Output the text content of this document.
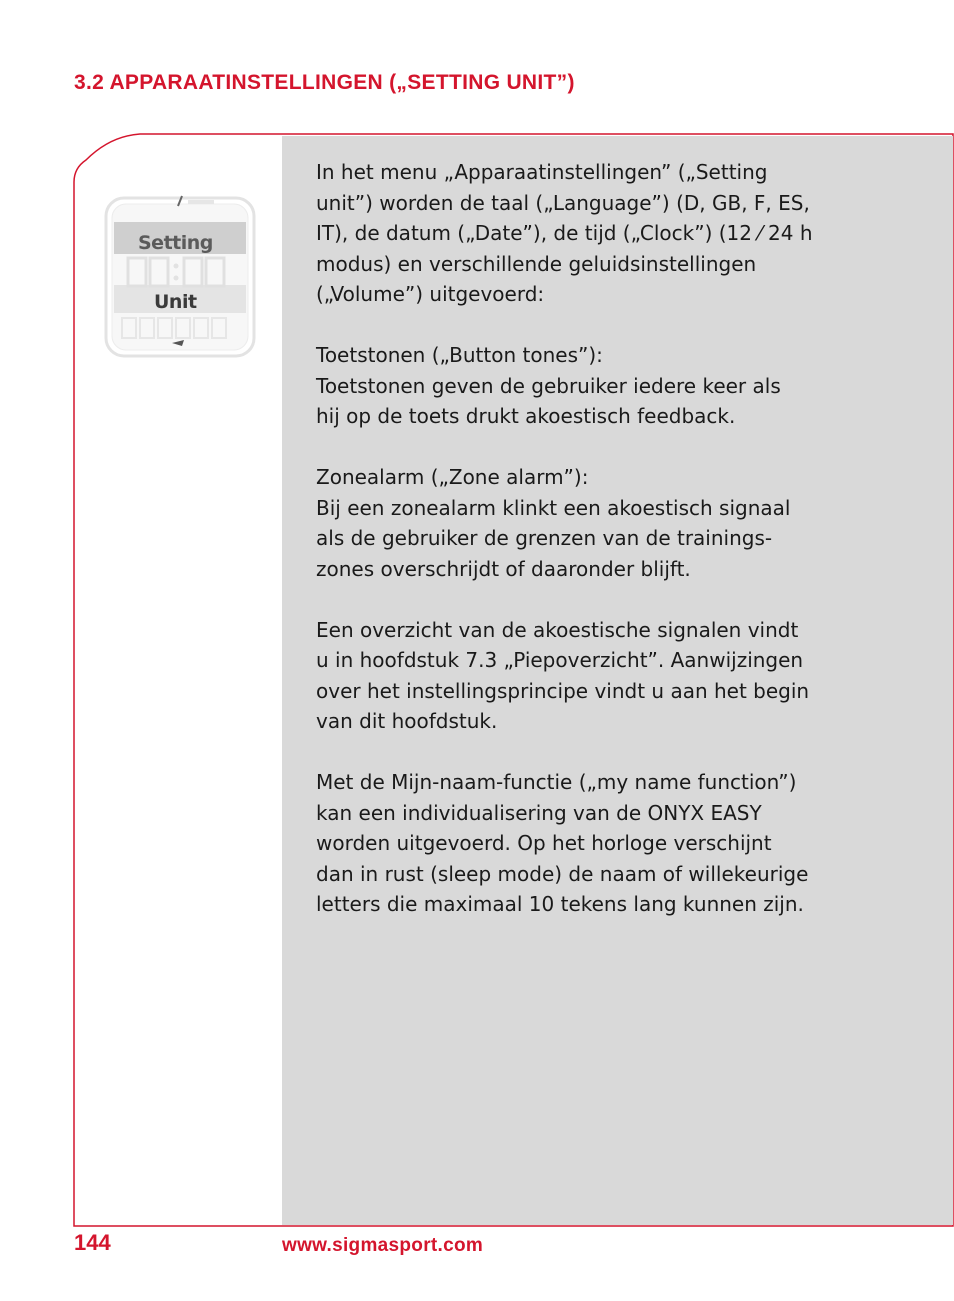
3.2 APPARAATINSTELLINGEN („SETTING UNIT”)
Setting
Unit

In het menu „Apparaatinstellingen” („Setting
unit”) worden de taal („Language”) (D, GB, F, ES,
IT), de datum („Date”), de tijd („Clock”) (12 ⁄ 24 h
modus) en verschillende geluidsinstellingen
(„Volume”) uitgevoerd:

Toetstonen („Button tones”):
Toetstonen geven de gebruiker iedere keer als
hij op de toets drukt akoestisch feedback.

Zonealarm („Zone alarm”):
Bij een zonealarm klinkt een akoestisch signaal
als de gebruiker de grenzen van de trainings-
zones overschrijdt of daaronder blijft.

Een overzicht van de akoestische signalen vindt
u in hoofdstuk 7.3 „Piepoverzicht”. Aanwijzingen
over het instellingsprincipe vindt u aan het begin
van dit hoofdstuk.

Met de Mijn-naam-functie („my name function”)
kan een individualisering van de ONYX EASY
worden uitgevoerd. Op het horloge verschijnt
dan in rust (sleep mode) de naam of willekeurige
letters die maximaal 10 tekens lang kunnen zijn.

144	www.sigmasport.com
